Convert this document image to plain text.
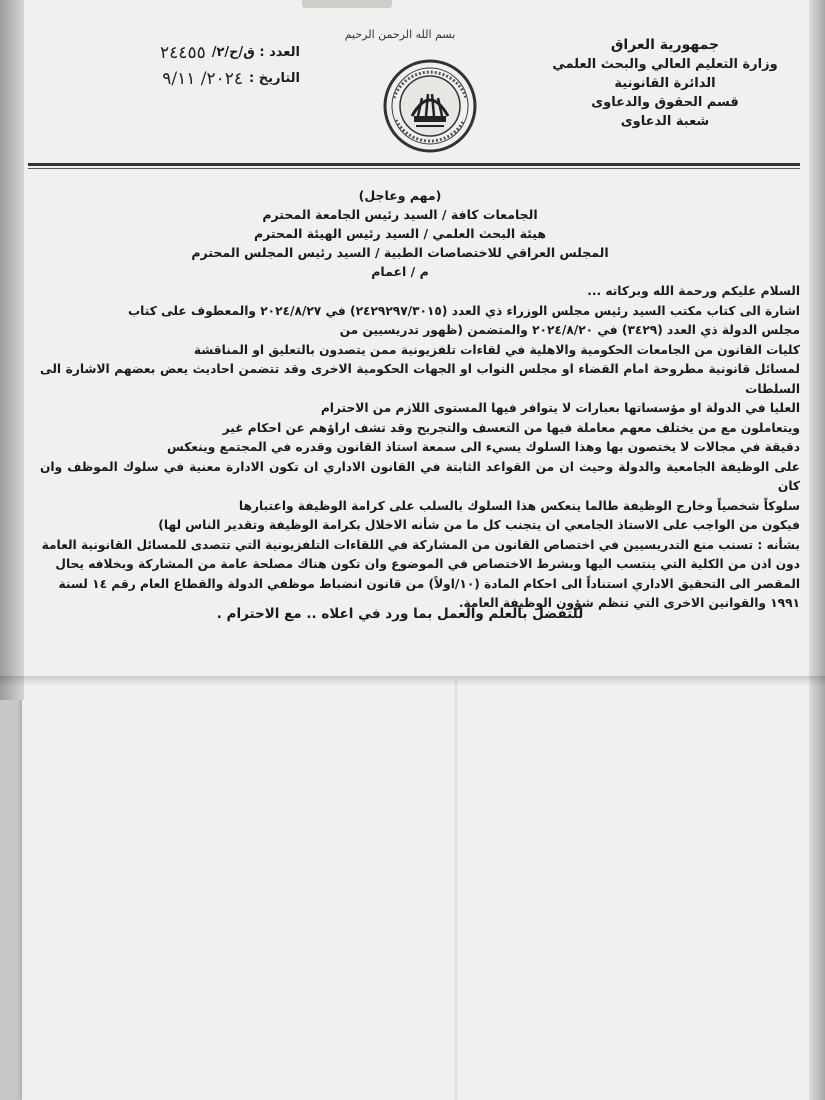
بسم الله الرحمن الرحيم
جمهورية العراق
وزارة التعليم العالي والبحث العلمي
الدائرة القانونية
قسم الحقوق والدعاوى
شعبة الدعاوى
العدد : ق/ح/٢/
٢٤٤٥٥
التاريخ :
٢٠٢٤/ ٩/١١
(مهم وعاجل)
الجامعات كافة / السيد رئيس الجامعة المحترم
هيئة البحث العلمي / السيد رئيس الهيئة المحترم
المجلس العراقي للاختصاصات الطبية / السيد رئيس المجلس المحترم
م / اعمام

السلام عليكم ورحمة الله وبركاته ...

اشارة الى كتاب مكتب السيد رئيس مجلس الوزراء ذي العدد (٢٤٢٩٢٩٧/٣٠١٥) في ٢٠٢٤/٨/٢٧ والمعطوف على كتاب

مجلس الدولة ذي العدد (٣٤٢٩) في ٢٠٢٤/٨/٢٠ والمتضمن (ظهور تدريسيين من

كليات القانون من الجامعات الحكومية والاهلية في لقاءات تلفزيونية ممن يتصدون بالتعليق او المناقشة

لمسائل قانونية مطروحة امام القضاء او مجلس النواب او الجهات الحكومية الاخرى وقد تتضمن احاديث يعض بعضهم الاشارة الى السلطات

العليا في الدولة او مؤسساتها بعبارات لا يتوافر فيها المستوى اللازم من الاحترام

ويتعاملون مع من يختلف معهم معاملة فيها من التعسف والتجريح وقد تشف اراؤهم عن احكام غير

دقيقة في مجالات لا يختصون بها وهذا السلوك يسيء الى سمعة استاذ القانون وقدره في المجتمع وينعكس

على الوظيفة الجامعية والدولة وحيث ان من القواعد الثابتة في القانون الاداري ان تكون الادارة معنية في سلوك الموظف وان كان

سلوكاً شخصياً وخارج الوظيفة طالما ينعكس هذا السلوك بالسلب على كرامة الوظيفة واعتبارها

فيكون من الواجب على الاستاذ الجامعي ان يتجنب كل ما من شأنه الاخلال بكرامة الوظيفة وتقدير الناس لها)

بشأنه : تسنب منع التدريسيين في اختصاص القانون من المشاركة في اللقاءات التلفزيونية التي تتصدى للمسائل القانونية العامة

دون اذن من الكلية التي ينتسب اليها وبشرط الاختصاص في الموضوع وان تكون هناك مصلحة عامة من المشاركة وبخلافه يحال

المقصر الى التحقيق الاداري استناداً الى احكام المادة (١٠/اولاً) من قانون انضباط موظفي الدولة والقطاع العام رقم ١٤ لسنة

١٩٩١ والقوانين الاخرى التي تنظم شؤون الوظيفة العامة.

للتفضل بالعلم والعمل بما ورد في اعلاه .. مع الاحترام .
